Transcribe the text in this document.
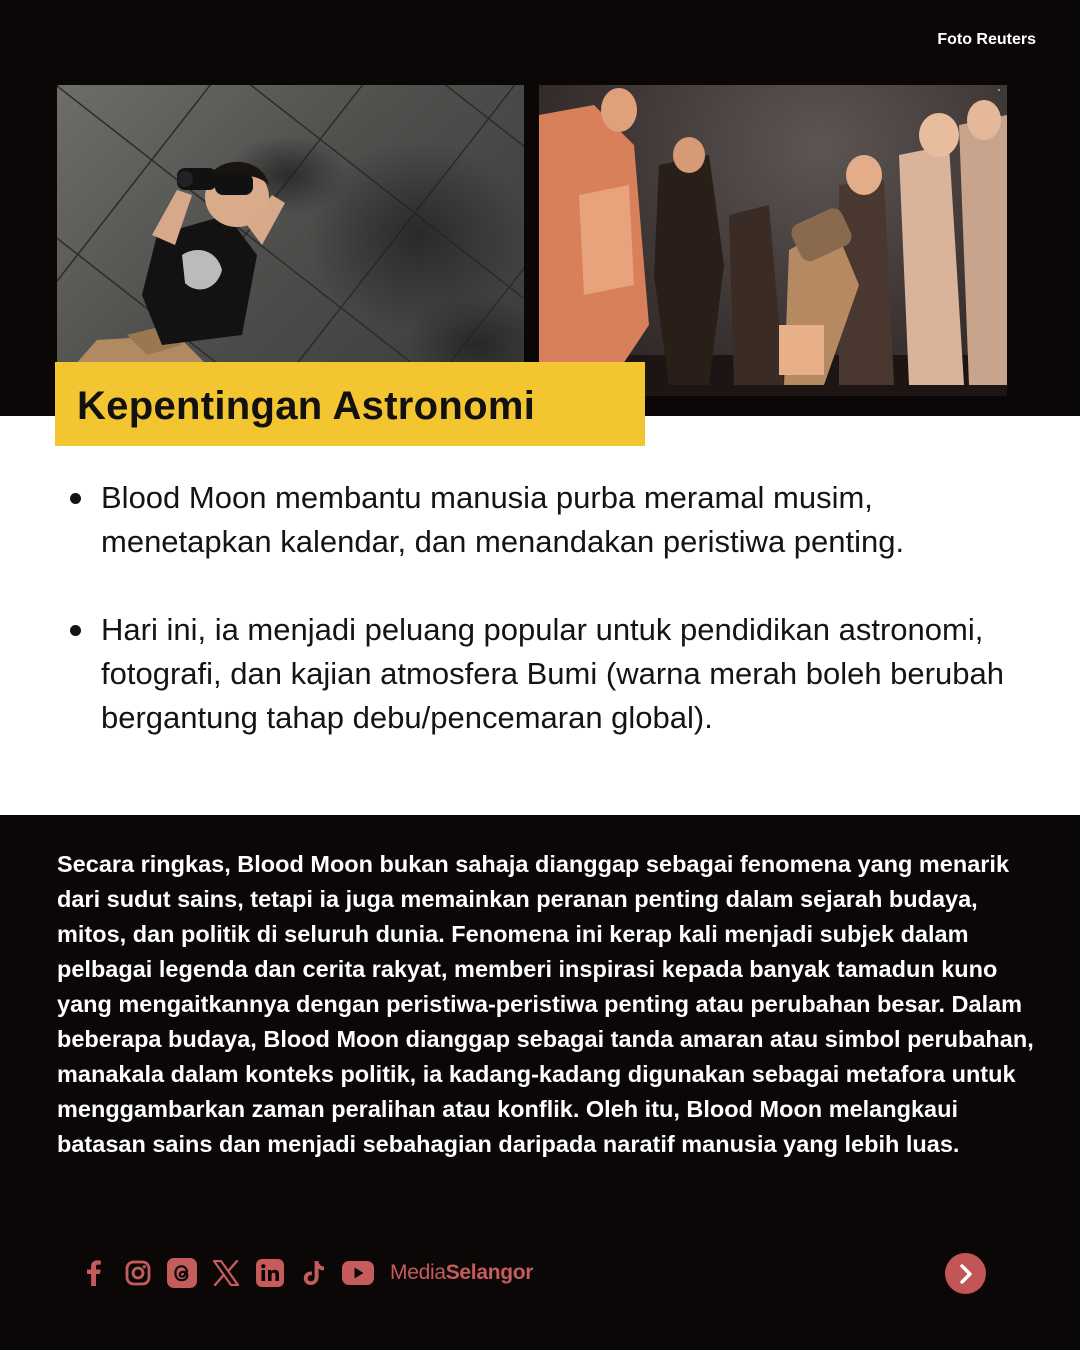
Foto Reuters
Kepentingan Astronomi
Blood Moon membantu manusia purba meramal musim, menetapkan kalendar, dan menandakan peristiwa penting.
Hari ini, ia menjadi peluang popular untuk pendidikan astronomi, fotografi, dan kajian atmosfera Bumi (warna merah boleh berubah bergantung tahap debu/pencemaran global).

Secara ringkas, Blood Moon bukan sahaja dianggap sebagai fenomena yang menarik dari sudut sains, tetapi ia juga memainkan peranan penting dalam sejarah budaya, mitos, dan politik di seluruh dunia. Fenomena ini kerap kali menjadi subjek dalam pelbagai legenda dan cerita rakyat, memberi inspirasi kepada banyak tamadun kuno yang mengaitkannya dengan peristiwa-peristiwa penting atau perubahan besar. Dalam beberapa budaya, Blood Moon dianggap sebagai tanda amaran atau simbol perubahan, manakala dalam konteks politik, ia kadang-kadang digunakan sebagai metafora untuk menggambarkan zaman peralihan atau konflik. Oleh itu, Blood Moon melangkaui batasan sains dan menjadi sebahagian daripada naratif manusia yang lebih luas.

MediaSelangor
